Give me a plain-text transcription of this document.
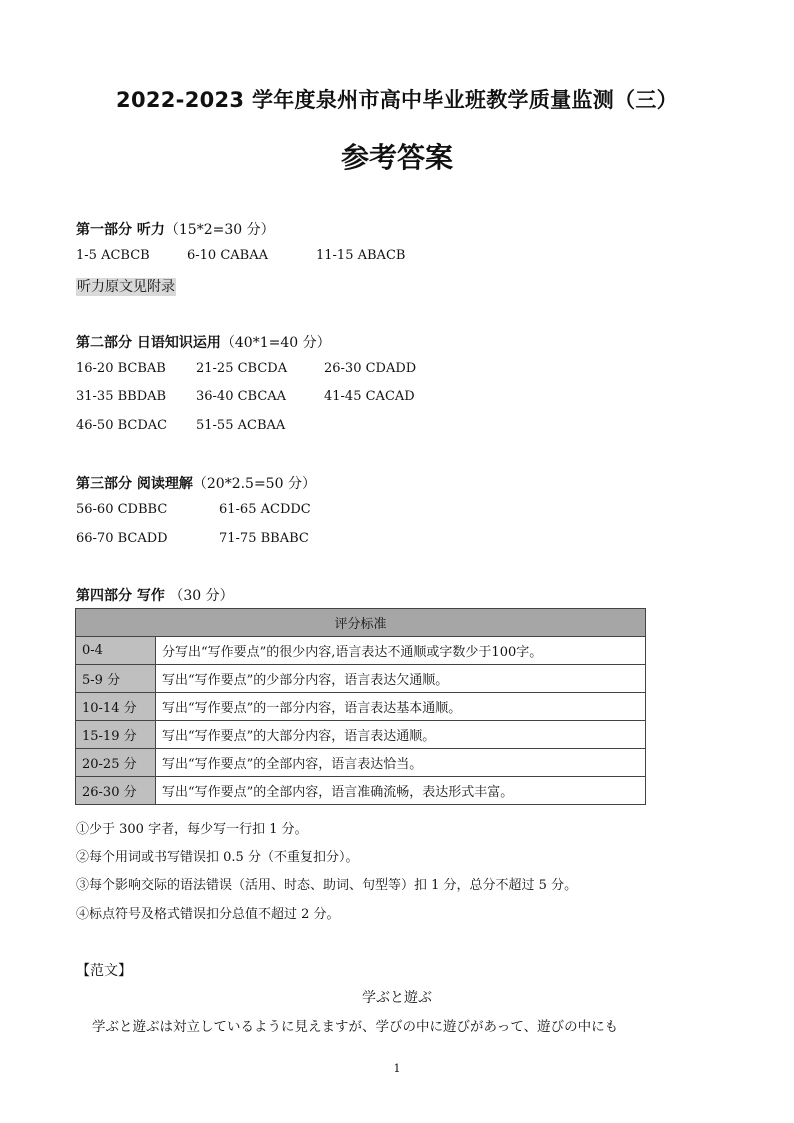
2022-2023 学年度泉州市高中毕业班教学质量监测（三）
参考答案
第一部分 听力（15*2=30 分）
1-5 ACBCB	6-10 CABAA	11-15 ABACB
听力原文见附录
第二部分 日语知识运用（40*1=40 分）
16-20 BCBAB 21-25 CBCDA	26-30 CDADD
31-35 BBDAB 36-40 CBCAA	41-45 CACAD
46-50 BCDAC 51-55 ACBAA
第三部分 阅读理解（20*2.5=50 分）
56-60 CDBBC	61-65 ACDDC
66-70 BCADD	71-75 BBABC
第四部分 写作 （30 分）
评分标准	
0-4	分写出“写作要点”的很少内容,语言表达不通顺或字数少于100字。
5-9 分	写出“写作要点”的少部分内容，语言表达欠通顺。
10-14 分	写出“写作要点”的一部分内容，语言表达基本通顺。
15-19 分	写出“写作要点”的大部分内容，语言表达通顺。
20-25 分	写出“写作要点”的全部内容，语言表达恰当。
26-30 分	写出“写作要点”的全部内容，语言准确流畅，表达形式丰富。
①少于 300 字者，每少写一行扣 1 分。
②每个用词或书写错误扣 0.5 分（不重复扣分）。
③每个影响交际的语法错误（活用、时态、助词、句型等）扣 1 分，总分不超过 5 分。
④标点符号及格式错误扣分总值不超过 2 分。
【范文】
学ぶと遊ぶ
学ぶと遊ぶは対立しているように見えますが、学びの中に遊びがあって、遊びの中にも
1
